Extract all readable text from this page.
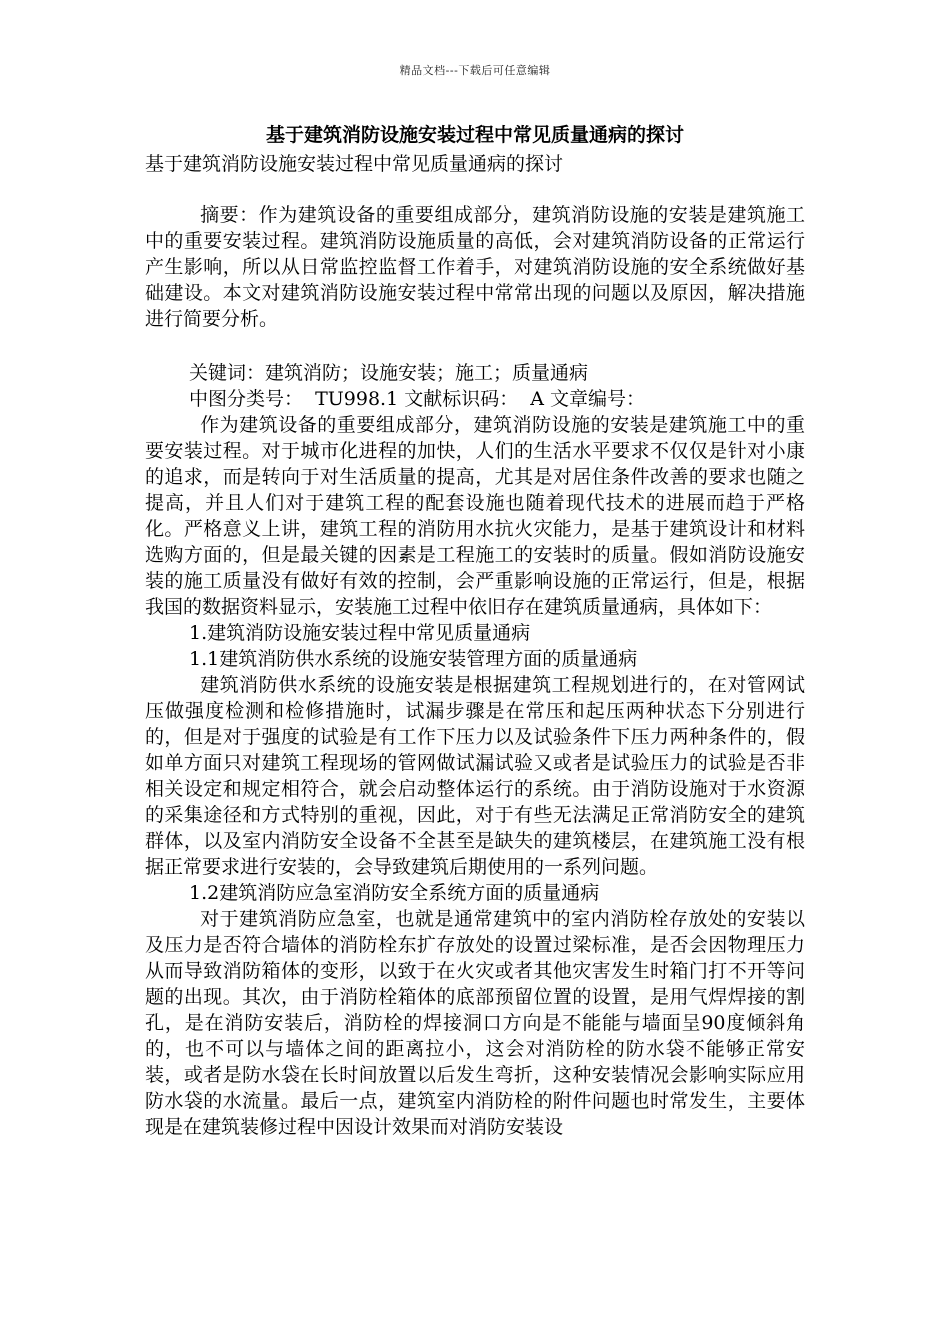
精品文档---下载后可任意编辑
基于建筑消防设施安装过程中常见质量通病的探讨

基于建筑消防设施安装过程中常见质量通病的探讨

摘要：作为建筑设备的重要组成部分，建筑消防设施的安装是建筑施工中的重要安装过程。建筑消防设施质量的高低，会对建筑消防设备的正常运行产生影响，所以从日常监控监督工作着手，对建筑消防设施的安全系统做好基础建设。本文对建筑消防设施安装过程中常常出现的问题以及原因，解决措施进行简要分析。

关键词：建筑消防；设施安装；施工；质量通病

中图分类号：  TU998.1 文献标识码：  A 文章编号：

作为建筑设备的重要组成部分，建筑消防设施的安装是建筑施工中的重要安装过程。对于城市化进程的加快，人们的生活水平要求不仅仅是针对小康的追求，而是转向于对生活质量的提高，尤其是对居住条件改善的要求也随之提高，并且人们对于建筑工程的配套设施也随着现代技术的进展而趋于严格化。严格意义上讲，建筑工程的消防用水抗火灾能力，是基于建筑设计和材料选购方面的，但是最关键的因素是工程施工的安装时的质量。假如消防设施安装的施工质量没有做好有效的控制，会严重影响设施的正常运行，但是，根据我国的数据资料显示，安装施工过程中依旧存在建筑质量通病，具体如下：

1.建筑消防设施安装过程中常见质量通病

1.1建筑消防供水系统的设施安装管理方面的质量通病

建筑消防供水系统的设施安装是根据建筑工程规划进行的，在对管网试压做强度检测和检修措施时，试漏步骤是在常压和起压两种状态下分别进行的，但是对于强度的试验是有工作下压力以及试验条件下压力两种条件的，假如单方面只对建筑工程现场的管网做试漏试验又或者是试验压力的试验是否非相关设定和规定相符合，就会启动整体运行的系统。由于消防设施对于水资源的采集途径和方式特别的重视，因此，对于有些无法满足正常消防安全的建筑群体，以及室内消防安全设备不全甚至是缺失的建筑楼层，在建筑施工没有根据正常要求进行安装的，会导致建筑后期使用的一系列问题。

1.2建筑消防应急室消防安全系统方面的质量通病

对于建筑消防应急室，也就是通常建筑中的室内消防栓存放处的安装以及压力是否符合墙体的消防栓东扩存放处的设置过梁标准，是否会因物理压力从而导致消防箱体的变形，以致于在火灾或者其他灾害发生时箱门打不开等问题的出现。其次，由于消防栓箱体的底部预留位置的设置，是用气焊焊接的割孔，是在消防安装后，消防栓的焊接洞口方向是不能能与墙面呈90度倾斜角的，也不可以与墙体之间的距离拉小，这会对消防栓的防水袋不能够正常安装，或者是防水袋在长时间放置以后发生弯折，这种安装情况会影响实际应用防水袋的水流量。最后一点，建筑室内消防栓的附件问题也时常发生，主要体现是在建筑装修过程中因设计效果而对消防安装设
